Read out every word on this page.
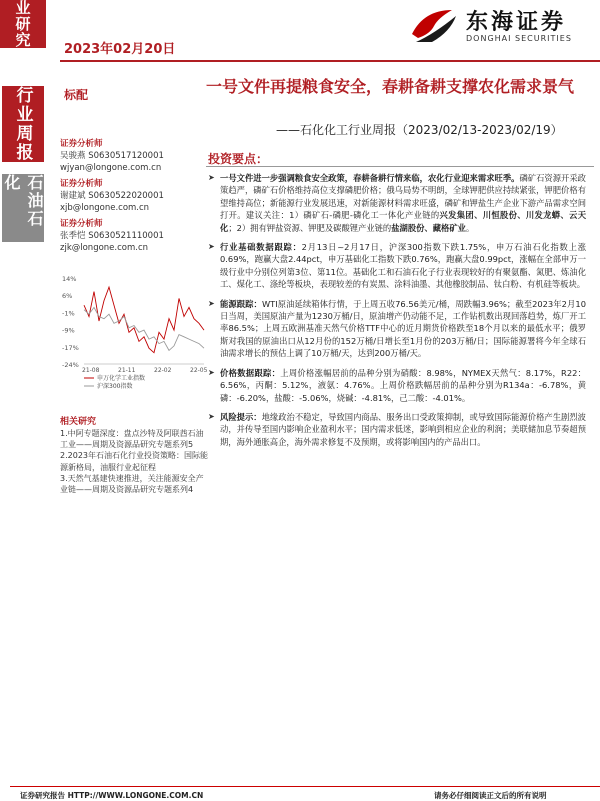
业研究
行业周报
石油石化
2023年02月20日
东海证券
DONGHAI SECURITIES
标配	一号文件再提粮食安全，春耕备耕支撑农化需求景气
——石化化工行业周报（2023/02/13-2023/02/19）
证券分析师
吴骏燕 S0630517120001
wjyan@longone.com.cn
证券分析师
谢建斌 S0630522020001
xjb@longone.com.cn
证券分析师
张季恺 S0630521110001
zjk@longone.com.cn
14%
6%
-1%
-9%
-17%
-24%
21-08	21-11	22-02	22-05
申万化学工业指数
沪深300指数
相关研究
1.中阿专题深度：盘点沙特及阿联酋石油工业——周期及资源品研究专题系列5
2.2023年石油石化行业投资策略：国际能源新格局，油服行业起征程
3.天然气基建快速推进，关注能源安全产业链——周期及资源品研究专题系列4
投资要点：
➤ 一号文件进一步强调粮食安全政策，春耕备耕行情来临，农化行业迎来需求旺季。磷矿石资源开采政策趋严，磷矿石价格维持高位支撑磷肥价格；俄乌局势不明朗，全球钾肥供应持续紧张，钾肥价格有望维持高位；新能源行业发展迅速，对新能源材料需求旺盛，磷矿和钾盐生产企业下游产品需求空间打开。建议关注：1）磷矿石-磷肥-磷化工一体化产业链的兴发集团、川恒股份、川发龙蟒、云天化；2）拥有钾盐资源、钾肥及碳酸锂产业链的盐湖股份、藏格矿业。
➤ 行业基础数据跟踪：2月13日~2月17日，沪深300指数下跌1.75%，申万石油石化指数上涨0.69%，跑赢大盘2.44pct，申万基础化工指数下跌0.76%，跑赢大盘0.99pct，涨幅在全部申万一级行业中分别位列第3位、第11位。基础化工和石油石化子行业表现较好的有聚氨酯、氮肥、炼油化工、煤化工、涤纶等板块，表现较差的有炭黑、涂料油墨、其他橡胶制品、钛白粉、有机硅等板块。
➤ 能源跟踪：WTI原油延续箱体行情，于上周五收76.56美元/桶，周跌幅3.96%；截至2023年2月10日当周，美国原油产量为1230万桶/日，原油增产仍动能不足，工作钻机数出现回落趋势，炼厂开工率86.5%；上周五欧洲基准天然气价格TTF中心的近月期货价格跌至18个月以来的最低水平；俄罗斯对我国的原油出口从12月份的152万桶/日增长至1月份的203万桶/日；国际能源署将今年全球石油需求增长的预估上调了10万桶/天，达到200万桶/天。
➤ 价格数据跟踪：上周价格涨幅居前的品种分别为硝酸：8.98%，NYMEX天然气：8.17%，R22：6.56%，丙酮：5.12%，液氨：4.76%。上周价格跌幅居前的品种分别为R134a：-6.78%，黄磷：-6.20%，盐酸：-5.06%，烧碱：-4.81%，己二酸：-4.01%。
➤ 风险提示：地缘政治不稳定，导致国内商品、服务出口受政策抑制，或导致国际能源价格产生剧烈波动，并传导至国内影响企业盈利水平；国内需求低迷，影响到相应企业的利润；美联储加息节奏超预期，海外通胀高企，海外需求修复不及预期，或将影响国内的产品出口。
证券研究报告 HTTP://WWW.LONGONE.COM.CN	请务必仔细阅读正文后的所有说明
